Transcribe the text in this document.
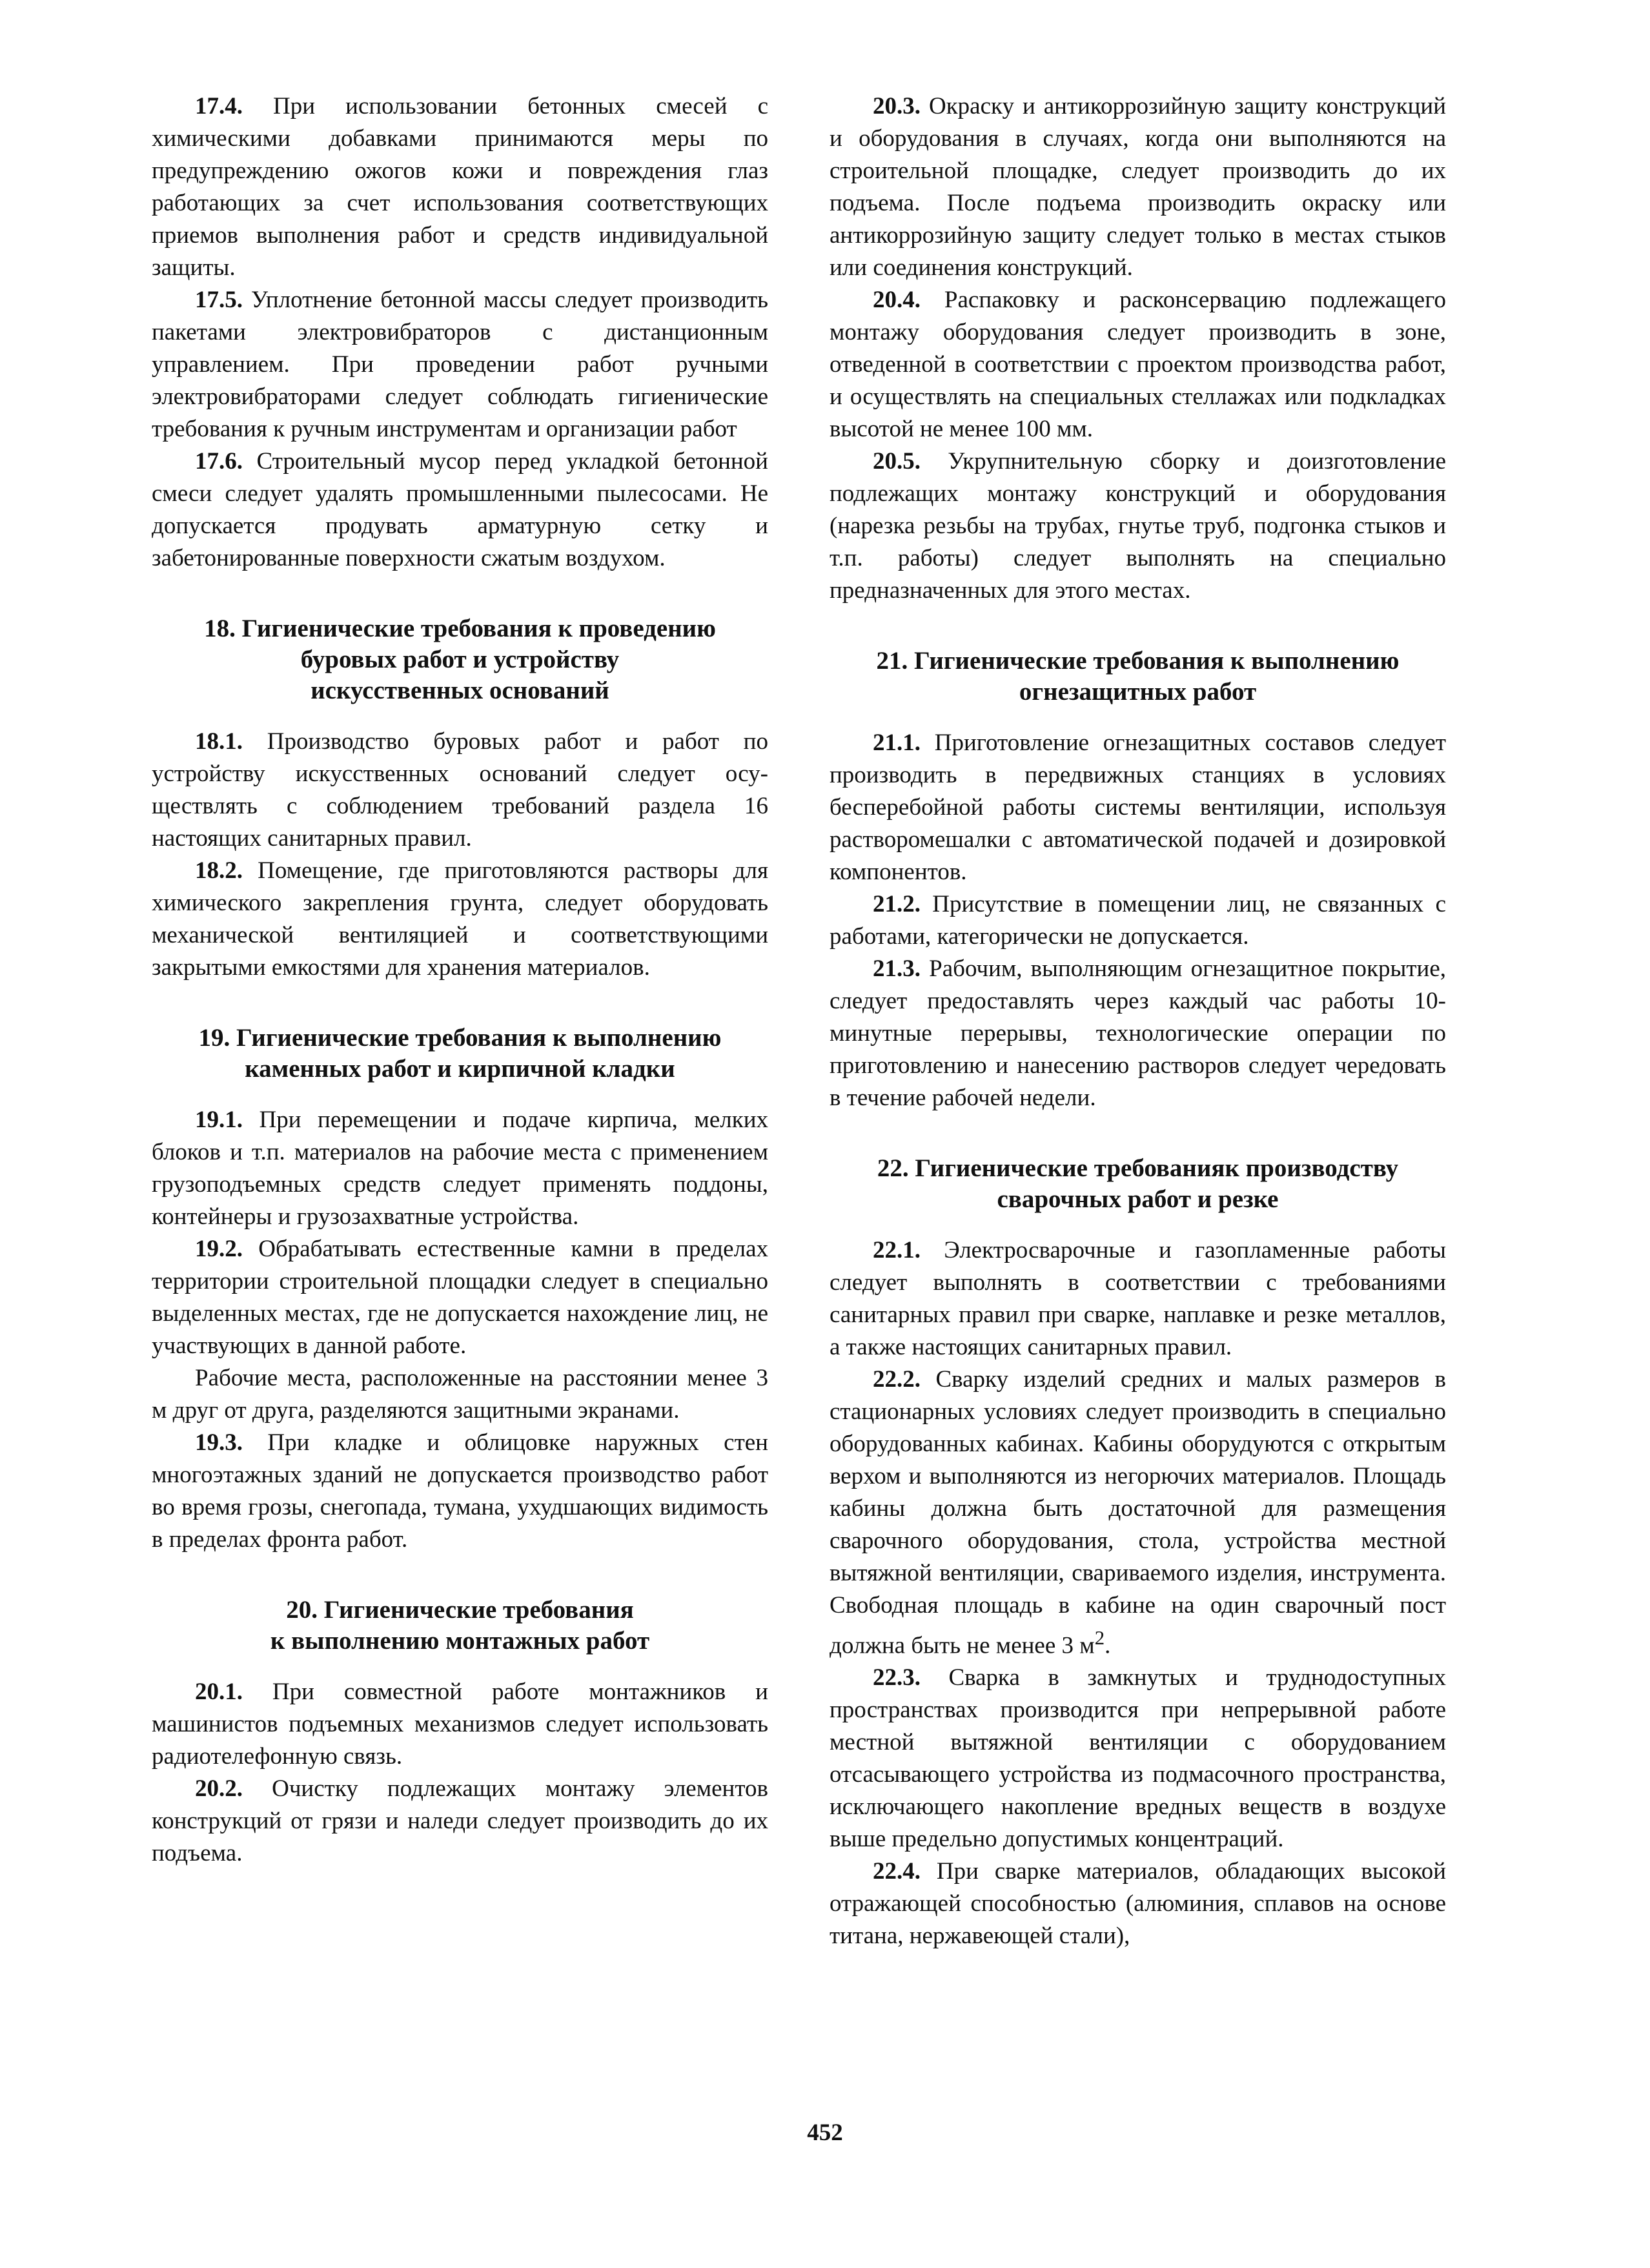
17.4. При использовании бетонных смесей с химическими добавками принимаются меры по предупреждению ожогов кожи и повреждения глаз работающих за счет использования соответствующих приемов выполнения работ и средств индивидуальной защиты.

17.5. Уплотнение бетонной массы следует производить пакетами электровибраторов с дистанционным управлением. При проведении работ ручными электровибраторами следует соблюдать гигиенические требования к ручным инструментам и организации работ

17.6. Строительный мусор перед укладкой бетонной смеси следует удалять промышленными пылесосами. Не допускается продувать арматурную сетку и забетонированные поверхности сжатым воздухом.

18. Гигиенические требования к проведению
буровых работ и устройству
искусственных оснований

18.1. Производство буровых работ и работ по устройству искусственных оснований следует осуществлять с соблюдением требований раздела 16 настоящих санитарных правил.

18.2. Помещение, где приготовляются растворы для химического закрепления грунта, следует оборудовать механической вентиляцией и соответствующими закрытыми емкостями для хранения материалов.

19. Гигиенические требования к выполнению
каменных работ и кирпичной кладки

19.1. При перемещении и подаче кирпича, мелких блоков и т.п. материалов на рабочие места с применением грузоподъемных средств следует применять поддоны, контейнеры и грузозахватные устройства.

19.2. Обрабатывать естественные камни в пределах территории строительной площадки следует в специально выделенных местах, где не допускается нахождение лиц, не участвующих в данной работе.

Рабочие места, расположенные на расстоянии менее 3 м друг от друга, разделяются защитными экранами.

19.3. При кладке и облицовке наружных стен многоэтажных зданий не допускается производство работ во время грозы, снегопада, тумана, ухудшающих видимость в пределах фронта работ.

20. Гигиенические требования
к выполнению монтажных работ

20.1. При совместной работе монтажников и машинистов подъемных механизмов следует использовать радиотелефонную связь.

20.2. Очистку подлежащих монтажу элементов конструкций от грязи и наледи следует производить до их подъема.

20.3. Окраску и антикоррозийную защиту конструкций и оборудования в случаях, когда они выполняются на строительной площадке, следует производить до их подъема. После подъема производить окраску или антикоррозийную защиту следует только в местах стыков или соединения конструкций.

20.4. Распаковку и расконсервацию подлежащего монтажу оборудования следует производить в зоне, отведенной в соответствии с проектом производства работ, и осуществлять на специальных стеллажах или подкладках высотой не менее 100 мм.

20.5. Укрупнительную сборку и доизготовление подлежащих монтажу конструкций и оборудования (нарезка резьбы на трубах, гнутье труб, подгонка стыков и т.п. работы) следует выполнять на специально предназначенных для этого местах.

21. Гигиенические требования к выполнению
огнезащитных работ

21.1. Приготовление огнезащитных составов следует производить в передвижных станциях в условиях бесперебойной работы системы вентиляции, используя растворомешалки с автоматической подачей и дозировкой компонентов.

21.2. Присутствие в помещении лиц, не связанных с работами, категорически не допускается.

21.3. Рабочим, выполняющим огнезащитное покрытие, следует предоставлять через каждый час работы 10-минутные перерывы, технологические операции по приготовлению и нанесению растворов следует чередовать в течение рабочей недели.

22. Гигиенические требованияк производству
сварочных работ и резке

22.1. Электросварочные и газопламенные работы следует выполнять в соответствии с требованиями санитарных правил при сварке, наплавке и резке металлов, а также настоящих санитарных правил.

22.2. Сварку изделий средних и малых размеров в стационарных условиях следует производить в специально оборудованных кабинах. Кабины оборудуются с открытым верхом и выполняются из негорючих материалов. Площадь кабины должна быть достаточной для размещения сварочного оборудования, стола, устройства местной вытяжной вентиляции, свариваемого изделия, инструмента. Свободная площадь в кабине на один сварочный пост должна быть не менее 3 $м^2$.

22.3. Сварка в замкнутых и труднодоступных пространствах производится при непрерывной работе местной вытяжной вентиляции с оборудованием отсасывающего устройства из подмасочного пространства, исключающего накопление вредных веществ в воздухе выше предельно допустимых концентраций.

22.4. При сварке материалов, обладающих высокой отражающей способностью (алюминия, сплавов на основе титана, нержавеющей стали),

452
